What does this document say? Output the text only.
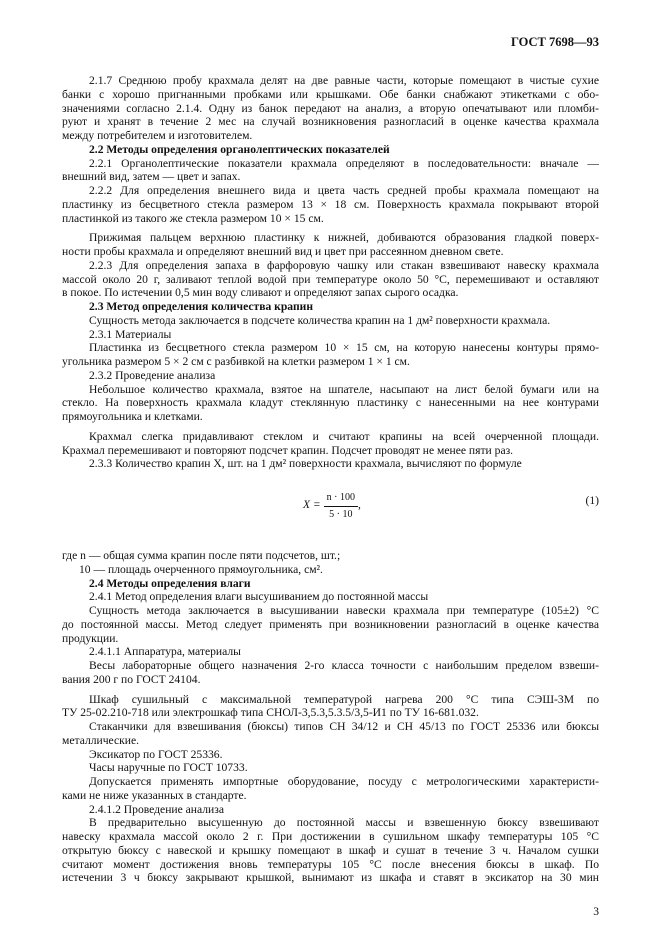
ГОСТ 7698—93
2.1.7 Среднюю пробу крахмала делят на две равные части, которые помещают в чистые сухие
банки с хорошо пригнанными пробками или крышками. Обе банки снабжают этикетками с обо-
значениями согласно 2.1.4. Одну из банок передают на анализ, а вторую опечатывают или пломби-
руют и хранят в течение 2 мес на случай возникновения разногласий в оценке качества крахмала
между потребителем и изготовителем.
2.2 Методы определения органолептических показателей
2.2.1 Органолептические показатели крахмала определяют в последовательности: вначале —
внешний вид, затем — цвет и запах.
2.2.2 Для определения внешнего вида и цвета часть средней пробы крахмала помещают на
пластинку из бесцветного стекла размером 13 × 18 см. Поверхность крахмала покрывают второй
пластинкой из такого же стекла размером 10 × 15 см.
Прижимая пальцем верхнюю пластинку к нижней, добиваются образования гладкой поверх-
ности пробы крахмала и определяют внешний вид и цвет при рассеянном дневном свете.
2.2.3 Для определения запаха в фарфоровую чашку или стакан взвешивают навеску крахмала
массой около 20 г, заливают теплой водой при температуре около 50 °С, перемешивают и оставляют
в покое. По истечении 0,5 мин воду сливают и определяют запах сырого осадка.
2.3 Метод определения количества крапин
Сущность метода заключается в подсчете количества крапин на 1 дм² поверхности крахмала.
2.3.1 Материалы
Пластинка из бесцветного стекла размером 10 × 15 см, на которую нанесены контуры прямо-
угольника размером 5 × 2 см с разбивкой на клетки размером 1 × 1 см.
2.3.2 Проведение анализа
Небольшое количество крахмала, взятое на шпателе, насыпают на лист белой бумаги или на
стекло. На поверхность крахмала кладут стеклянную пластинку с нанесенными на нее контурами
прямоугольника и клетками.
Крахмал слегка придавливают стеклом и считают крапины на всей очерченной площади.
Крахмал перемешивают и повторяют подсчет крапин. Подсчет проводят не менее пяти раз.
2.3.3 Количество крапин X, шт. на 1 дм² поверхности крахмала, вычисляют по формуле
$X = \frac{n \cdot 100}{5 \cdot 10}$ ,	(1)
где n — общая сумма крапин после пяти подсчетов, шт.;
10 — площадь очерченного прямоугольника, см².
2.4 Методы определения влаги
2.4.1 Метод определения влаги высушиванием до постоянной массы
Сущность метода заключается в высушивании навески крахмала при температуре (105±2) °С
до постоянной массы. Метод следует применять при возникновении разногласий в оценке качества
продукции.
2.4.1.1 Аппаратура, материалы
Весы лабораторные общего назначения 2-го класса точности с наибольшим пределом взвеши-
вания 200 г по ГОСТ 24104.
Шкаф сушильный с максимальной температурой нагрева 200 °С типа СЭШ-3М по
ТУ 25-02.210-718 или электрошкаф типа СНОЛ-3,5.3,5.3.5/3,5-И1 по ТУ 16-681.032.
Стаканчики для взвешивания (бюксы) типов СН 34/12 и СН 45/13 по ГОСТ 25336 или бюксы
металлические.
Эксикатор по ГОСТ 25336.
Часы наручные по ГОСТ 10733.
Допускается применять импортные оборудование, посуду с метрологическими характеристи-
ками не ниже указанных в стандарте.
2.4.1.2 Проведение анализа
В предварительно высушенную до постоянной массы и взвешенную бюксу взвешивают
навеску крахмала массой около 2 г. При достижении в сушильном шкафу температуры 105 °С
открытую бюксу с навеской и крышку помещают в шкаф и сушат в течение 3 ч. Началом сушки
считают момент достижения вновь температуры 105 °С после внесения бюксы в шкаф. По
истечении 3 ч бюксу закрывают крышкой, вынимают из шкафа и ставят в эксикатор на 30 мин
3
